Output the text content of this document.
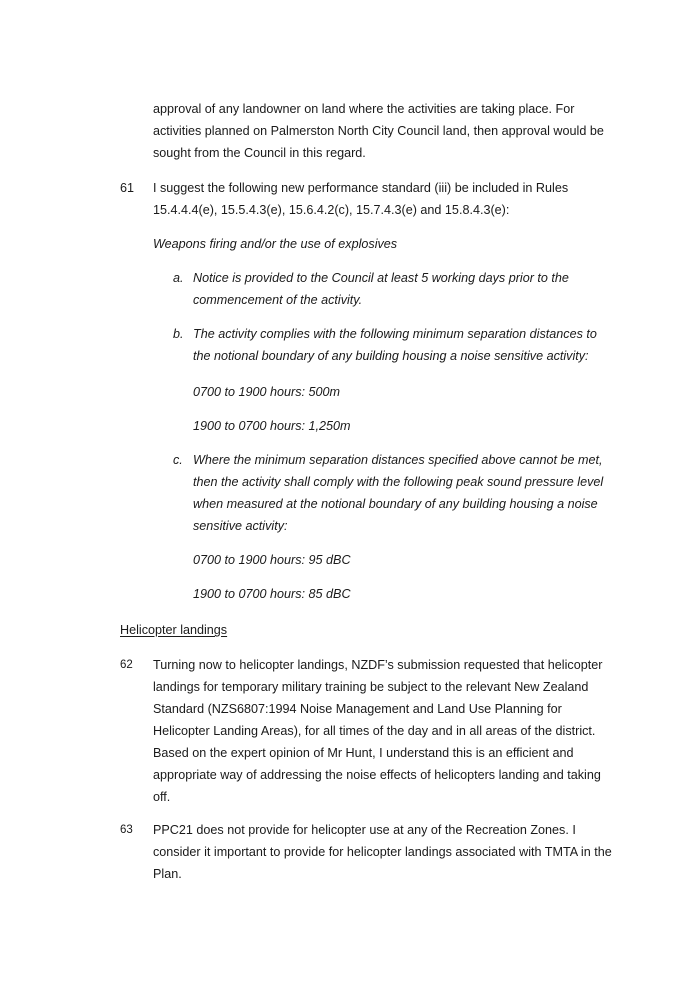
approval of any landowner on land where the activities are taking place. For
activities planned on Palmerston North City Council land, then approval would be
sought from the Council in this regard.
61 I suggest the following new performance standard (iii) be included in Rules
15.4.4.4(e), 15.5.4.3(e), 15.6.4.2(c), 15.7.4.3(e) and 15.8.4.3(e):
Weapons firing and/or the use of explosives
a. Notice is provided to the Council at least 5 working days prior to the
commencement of the activity.
b. The activity complies with the following minimum separation distances to
the notional boundary of any building housing a noise sensitive activity:
0700 to 1900 hours: 500m
1900 to 0700 hours: 1,250m
c. Where the minimum separation distances specified above cannot be met,
then the activity shall comply with the following peak sound pressure level
when measured at the notional boundary of any building housing a noise
sensitive activity:
0700 to 1900 hours: 95 dBC
1900 to 0700 hours: 85 dBC
Helicopter landings
62 Turning now to helicopter landings, NZDF’s submission requested that helicopter
landings for temporary military training be subject to the relevant New Zealand
Standard (NZS6807:1994 Noise Management and Land Use Planning for
Helicopter Landing Areas), for all times of the day and in all areas of the district.
Based on the expert opinion of Mr Hunt, I understand this is an efficient and
appropriate way of addressing the noise effects of helicopters landing and taking
off.
63 PPC21 does not provide for helicopter use at any of the Recreation Zones. I
consider it important to provide for helicopter landings associated with TMTA in the
Plan.
